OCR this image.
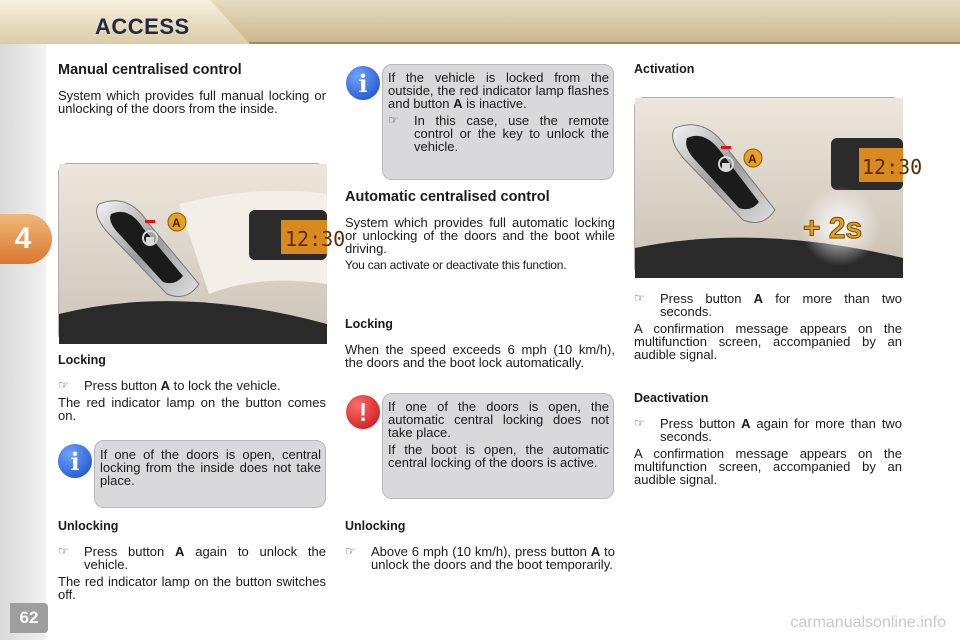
ACCESS
4
62
Manual centralised control

System which provides full manual locking or unlocking of the doors from the inside.

12:30
A
Locking
☞	Press button A to lock the vehicle.

The red indicator lamp on the button comes on.

i	If one of the doors is open, central locking from the inside does not take place.
Unlocking
☞	Press button A again to unlock the vehicle.

The red indicator lamp on the button switches off.

i	If the vehicle is locked from the outside, the red indicator lamp flashes and button A is inactive.

☞	In this case, use the remote control or the key to unlock the vehicle.
Automatic centralised control

System which provides full automatic locking or unlocking of the doors and the boot while driving.

You can activate or deactivate this function.

Locking

When the speed exceeds 6 mph (10 km/h), the doors and the boot lock automatically.

!	If one of the doors is open, the automatic central locking does not take place.

If the boot is open, the automatic central locking of the doors is active.

Unlocking
☞	Above 6 mph (10 km/h), press button A to unlock the doors and the boot temporarily.
Activation
12:30
A
+ 2s
☞	Press button A for more than two seconds.

A confirmation message appears on the multifunction screen, accompanied by an audible signal.

Deactivation
☞	Press button A again for more than two seconds.

A confirmation message appears on the multifunction screen, accompanied by an audible signal.

carmanualsonline.info
